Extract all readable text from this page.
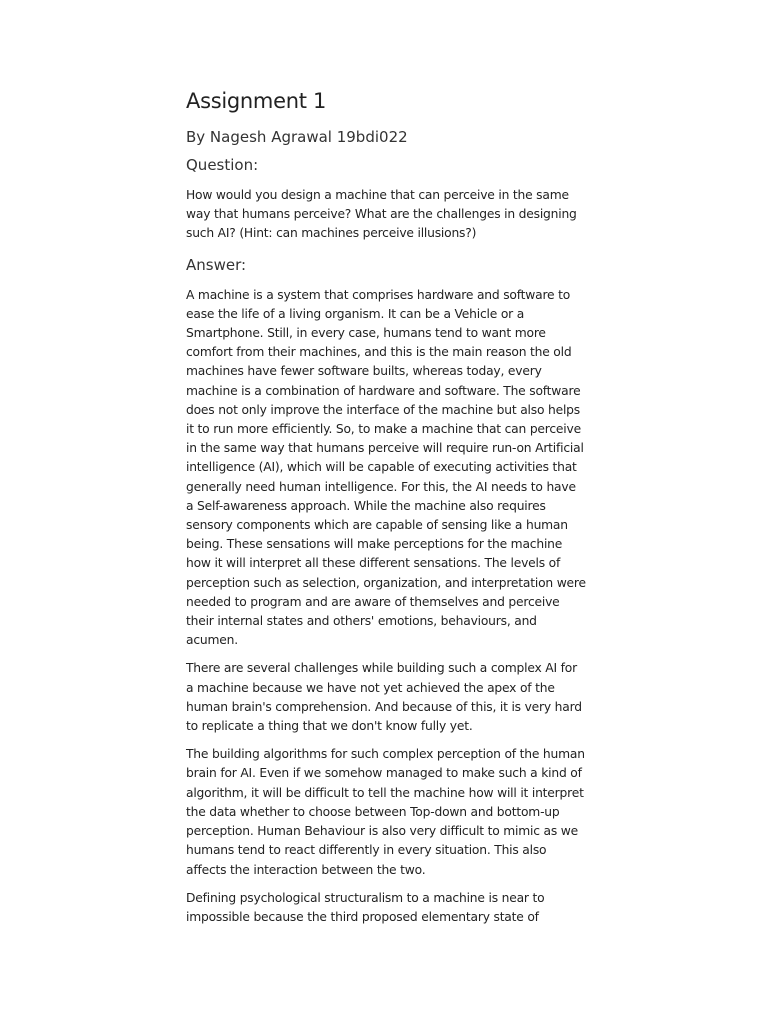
Assignment 1
By Nagesh Agrawal 19bdi022
Question:

How would you design a machine that can perceive in the same way that humans perceive? What are the challenges in designing such AI? (Hint: can machines perceive illusions?)

Answer:

A machine is a system that comprises hardware and software to ease the life of a living organism. It can be a Vehicle or a Smartphone. Still, in every case, humans tend to want more comfort from their machines, and this is the main reason the old machines have fewer software builts, whereas today, every machine is a combination of hardware and software. The software does not only improve the interface of the machine but also helps it to run more efficiently. So, to make a machine that can perceive in the same way that humans perceive will require run-on Artificial intelligence (AI), which will be capable of executing activities that generally need human intelligence. For this, the AI needs to have a Self-awareness approach. While the machine also requires sensory components which are capable of sensing like a human being. These sensations will make perceptions for the machine how it will interpret all these different sensations. The levels of perception such as selection, organization, and interpretation were needed to program and are aware of themselves and perceive their internal states and others' emotions, behaviours, and acumen.

There are several challenges while building such a complex AI for a machine because we have not yet achieved the apex of the human brain's comprehension. And because of this, it is very hard to replicate a thing that we don't know fully yet.

The building algorithms for such complex perception of the human brain for AI. Even if we somehow managed to make such a kind of algorithm, it will be difficult to tell the machine how will it interpret the data whether to choose between Top-down and bottom-up perception. Human Behaviour is also very difficult to mimic as we humans tend to react differently in every situation. This also affects the interaction between the two.

Defining psychological structuralism to a machine is near to impossible because the third proposed elementary state of
